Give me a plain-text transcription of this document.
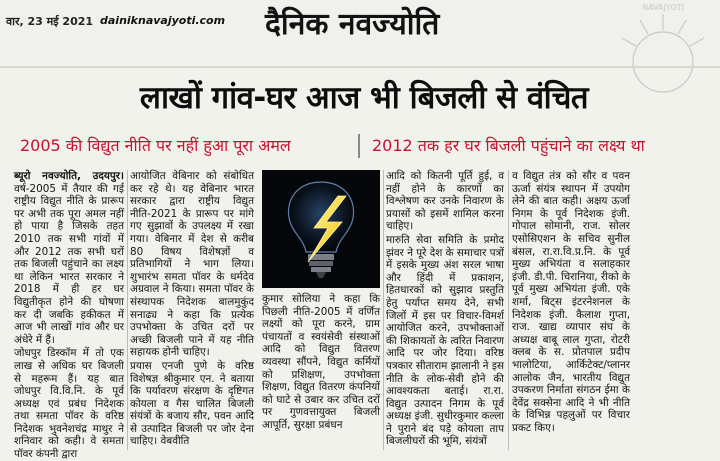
वार, 23 मई 2021 dainiknavajyoti.com दैनिक नवज्योति	NAVAJYOTI
लाखों गांव-घर आज भी बिजली से वंचित
2005 की विद्युत नीति पर नहीं हुआ पूरा अमल	2012 तक हर घर बिजली पहुंचाने का लक्ष्य था

ब्यूरो नवज्योति, उदयपुर। वर्ष-2005 में तैयार की गई राष्ट्रीय विद्युत नीति के प्रारूप पर अभी तक पूरा अमल नहीं हो पाया है जिसके तहत 2010 तक सभी गांवों में और 2012 तक सभी घरों तक बिजली पहुंचाने का लक्ष्य था लेकिन भारत सरकार ने 2018 में ही हर घर विद्युतीकृत होने की घोषणा कर दी जबकि हकीकत में आज भी लाखों गांव और घर अंधेरे में हैं।

जोधपुर डिस्कॉम में तो एक लाख से अधिक घर बिजली से महरूम हैं। यह बात जोधपुर वि.वि.नि. के पूर्व अध्यक्ष एवं प्रबंध निदेशक तथा समता पॉवर के वरिष्ठ निदेशक भुवनेशचंद्र माथुर ने शनिवार को कही। वे समता पॉवर कंपनी द्वारा

आयोजित वेबिनार को संबोधित कर रहे थे। यह वेबिनार भारत सरकार द्वारा राष्ट्रीय विद्युत नीति-2021 के प्रारूप पर मांगे गए सुझावों के उपलक्ष्य में रखा गया। वेबिनार में देश से करीब 80 विषय विशेषज्ञों व प्रतिभागियों ने भाग लिया। शुभारंभ समता पॉवर के धर्मदेव अग्रवाल ने किया। समता पॉवर के संस्थापक निदेशक बालमुकुंद सनाढ्य ने कहा कि प्रत्येक उपभोक्ता के उचित दरों पर अच्छी बिजली पाने में यह नीति सहायक होनी चाहिए।

प्रयास एनजी पुणे के वरिष्ठ विशेषज्ञ श्रीकुमार एन. ने बताया कि पर्यावरण संरक्षण के दृष्टिगत कोयला व गैस चालित बिजली संयंत्रों के बजाय सौर, पवन आदि से उत्पादित बिजली पर जोर देना चाहिए। वेबवीति

कुमार सोलिया ने कहा कि पिछली नीति-2005 में वर्णित लक्ष्यों को पूरा करने, ग्राम पंचायतों व स्वयंसेवी संस्थाओं आदि को विद्युत वितरण व्यवस्था सौंपने, विद्युत कर्मियों को प्रशिक्षण, उपभोक्ता शिक्षण, विद्युत वितरण कंपनियों को घाटे से उबार कर उचित दरों पर गुणवत्तायुक्त बिजली आपूर्ति, सुरक्षा प्रबंधन

आदि को कितनी पूर्ति हुई, व नहीं होने के कारणों का विश्लेषण कर उनके निवारण के प्रयासों को इसमें शामिल करना चाहिए।

मारुति सेवा समिति के प्रमोद झंवर ने पूरे देश के समाचार पत्रों में इसके मुख्य अंश सरल भाषा और हिंदी में प्रकाशन, हितधारकों को सुझाव प्रस्तुति हेतु पर्याप्त समय देने, सभी जिलों में इस पर विचार-विमर्श आयोजित करने, उपभोक्ताओं की शिकायतों के त्वरित निवारण आदि पर जोर दिया। वरिष्ठ पत्रकार सीताराम झालानी ने इस नीति के लोक-सेवी होने की आवश्यकता बताई। रा.रा. विद्युत उत्पादन निगम के पूर्व अध्यक्ष इंजी. सुधीरकुमार कल्ला ने पुराने बंद पड़े कोयला ताप बिजलीघरों की भूमि, संयंत्रों

व विद्युत तंत्र को सौर व पवन ऊर्जा संयंत्र स्थापन में उपयोग लेने की बात कही। अक्षय ऊर्जा निगम के पूर्व निदेशक इंजी. गोपाल सोमानी, राज. सोलर एसोसिएशन के सचिव सुनील बंसल, रा.रा.वि.प्र.नि. के पूर्व मुख्य अभियंता व सलाहकार इंजी. डी.पी. चिरानिया, रीको के पूर्व मुख्य अभियंता इंजी. एके शर्मा, बिट्स इंटरनेशनल के निदेशक इंजी. कैलाश गुप्ता, राज. खाद्य व्यापार संघ के अध्यक्ष बाबू लाल गुप्ता, रोटरी क्लब के स. प्रोतपाल प्रदीप भालोटिया, आर्किटेक्ट/प्लानर आलोक जैन, भारतीय विद्युत उपकरण निर्माता संगठन ईमा के देवेंद्र सक्सेना आदि ने भी नीति के विभिन्न पहलुओं पर विचार प्रकट किए।
